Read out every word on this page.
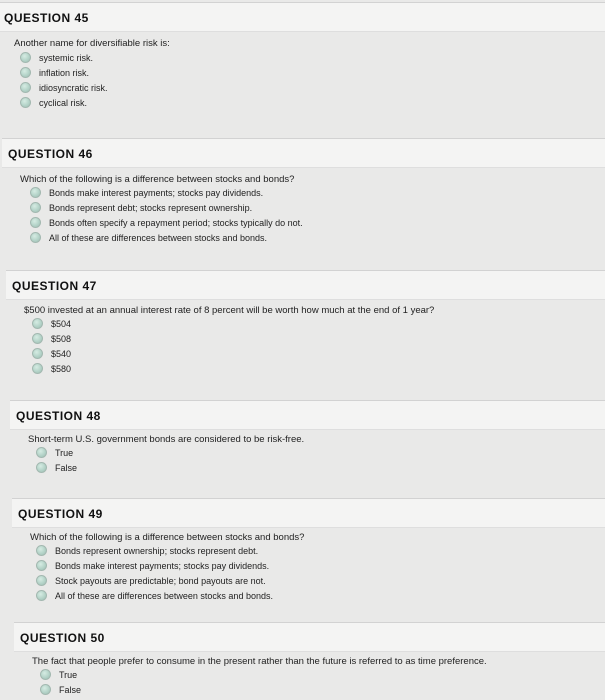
QUESTION 45
Another name for diversifiable risk is:
systemic risk.
inflation risk.
idiosyncratic risk.
cyclical risk.
QUESTION 46
Which of the following is a difference between stocks and bonds?
Bonds make interest payments; stocks pay dividends.
Bonds represent debt; stocks represent ownership.
Bonds often specify a repayment period; stocks typically do not.
All of these are differences between stocks and bonds.
QUESTION 47
$500 invested at an annual interest rate of 8 percent will be worth how much at the end of 1 year?
$504
$508
$540
$580
QUESTION 48
Short-term U.S. government bonds are considered to be risk-free.
True
False
QUESTION 49
Which of the following is a difference between stocks and bonds?
Bonds represent ownership; stocks represent debt.
Bonds make interest payments; stocks pay dividends.
Stock payouts are predictable; bond payouts are not.
All of these are differences between stocks and bonds.
QUESTION 50
The fact that people prefer to consume in the present rather than the future is referred to as time preference.
True
False
